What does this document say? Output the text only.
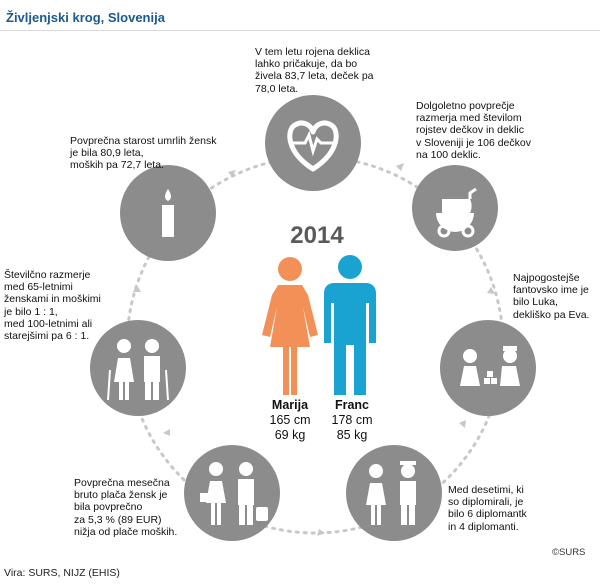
Življenjski krog, Slovenija
2014
Marija
165 cm
69 kg
Franc
178 cm
85 kg
V tem letu rojena deklica
lahko pričakuje, da bo
živela 83,7 leta, deček pa
78,0 leta.
Dolgoletno povprečje
razmerja med številom
rojstev dečkov in deklic
v Sloveniji je 106 dečkov
na 100 deklic.
Najpogostejše
fantovsko ime je
bilo Luka,
dekliško pa Eva.
Med desetimi, ki
so diplomirali, je
bilo 6 diplomantk
in 4 diplomanti.
Povprečna mesečna
bruto plača žensk je
bila povprečno
za 5,3 % (89 EUR)
nižja od plače moških.
Številčno razmerje
med 65-letnimi
ženskami in moškimi
je bilo 1 : 1,
med 100-letnimi ali
starejšimi pa 6 : 1.
Povprečna starost umrlih žensk
je bila 80,9 leta,
moških pa 72,7 leta.
©SURS
Vira: SURS, NIJZ (EHIS)
